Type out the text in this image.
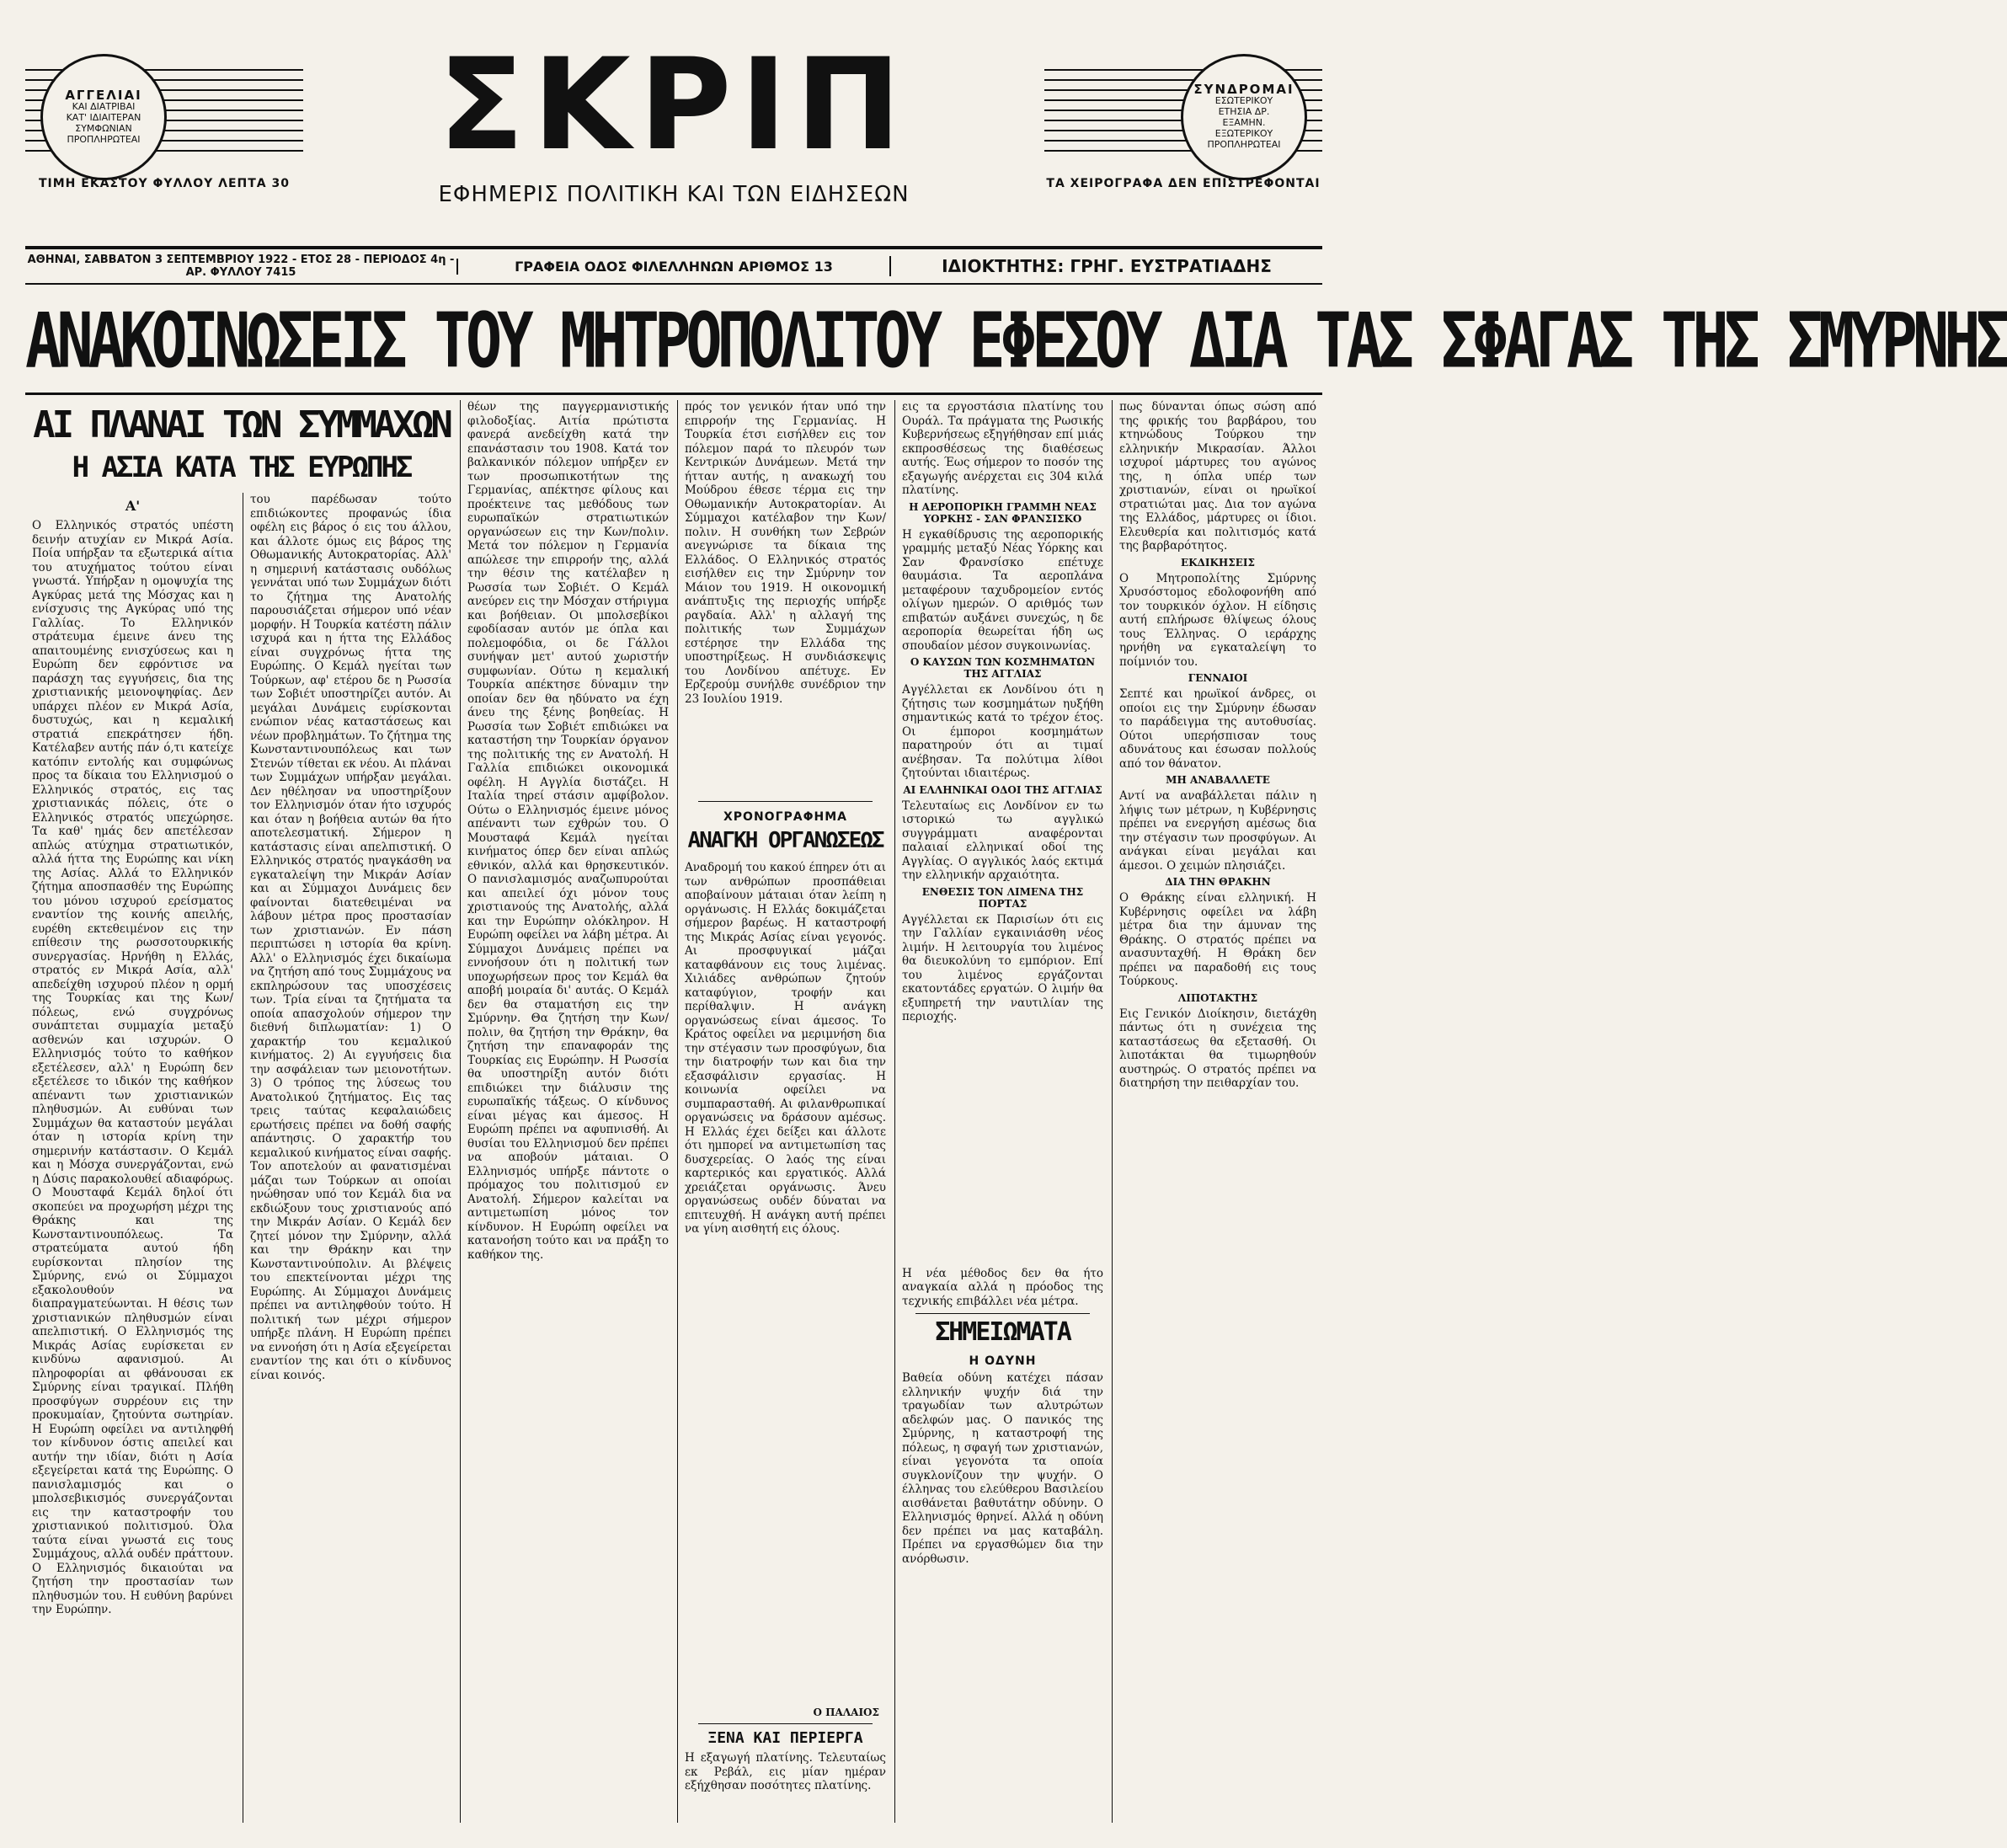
ΑΓΓΕΛΙΑΙ
ΚΑΙ ΔΙΑΤΡΙΒΑΙ
ΚΑΤ' ΙΔΙΑΙΤΕΡΑΝ
ΣΥΜΦΩΝΙΑΝ
ΠΡΟΠΛΗΡΩΤΕΑΙ
ΤΙΜΗ ΕΚΑΣΤΟΥ ΦΥΛΛΟΥ ΛΕΠΤΑ 30
ΣΚΡΙΠ
ΕΦΗΜΕΡΙΣ ΠΟΛΙΤΙΚΗ ΚΑΙ ΤΩΝ ΕΙΔΗΣΕΩΝ
ΣΥΝΔΡΟΜΑΙ
ΕΣΩΤΕΡΙΚΟΥ
ΕΤΗΣΙΑ ΔΡ.
ΕΞΑΜΗΝ.
ΕΞΩΤΕΡΙΚΟΥ
ΠΡΟΠΛΗΡΩΤΕΑΙ
ΤΑ ΧΕΙΡΟΓΡΑΦΑ ΔΕΝ ΕΠΙΣΤΡΕΦΟΝΤΑΙ
ΑΘΗΝΑΙ, ΣΑΒΒΑΤΟΝ 3 ΣΕΠΤΕΜΒΡΙΟΥ 1922 - ΕΤΟΣ 28 - ΠΕΡΙΟΔΟΣ 4η - ΑΡ. ΦΥΛΛΟΥ 7415	ΓΡΑΦΕΙΑ ΟΔΟΣ ΦΙΛΕΛΛΗΝΩΝ ΑΡΙΘΜΟΣ 13	ΙΔΙΟΚΤΗΤΗΣ: ΓΡΗΓ. ΕΥΣΤΡΑΤΙΑΔΗΣ
ΑΝΑΚΟΙΝΩΣΕΙΣ ΤΟΥ ΜΗΤΡΟΠΟΛΙΤΟΥ ΕΦΕΣΟΥ ΔΙΑ ΤΑΣ ΣΦΑΓΑΣ ΤΗΣ ΣΜΥΡΝΗΣ
ΑΙ ΠΛΑΝΑΙ ΤΩΝ ΣΥΜΜΑΧΩΝ
Η ΑΣΙΑ ΚΑΤΑ ΤΗΣ ΕΥΡΩΠΗΣ
Α'

Ο Ελληνικός στρατός υπέστη δεινήν ατυχίαν εν Μικρά Ασία. Ποία υπήρξαν τα εξωτερικά αίτια του ατυχήματος τούτου είναι γνωστά. Υπήρξαν η ομοψυχία της Αγκύρας μετά της Μόσχας και η ενίσχυσις της Αγκύρας υπό της Γαλλίας. Το Ελληνικόν στράτευμα έμεινε άνευ της απαιτουμένης ενισχύσεως και η Ευρώπη δεν εφρόντισε να παράσχη τας εγγυήσεις, δια της χριστιανικής μειονοψηφίας. Δεν υπάρχει πλέον εν Μικρά Ασία, δυστυχώς, και η κεμαλική στρατιά επεκράτησεν ήδη. Κατέλαβεν αυτής πάν ό,τι κατείχε κατόπιν εντολής και συμφώνως προς τα δίκαια του Ελληνισμού ο Ελληνικός στρατός, εις τας χριστιανικάς πόλεις, ότε ο Ελληνικός στρατός υπεχώρησε. Τα καθ' ημάς δεν απετέλεσαν απλώς ατύχημα στρατιωτικόν, αλλά ήττα της Ευρώπης και νίκη της Ασίας. Αλλά το Ελληνικόν ζήτημα αποσπασθέν της Ευρώπης του μόνου ισχυρού ερείσματος εναντίον της κοινής απειλής, ευρέθη εκτεθειμένον εις την επίθεσιν της ρωσσοτουρκικής συνεργασίας. Ηρνήθη η Ελλάς, στρατός εν Μικρά Ασία, αλλ' απεδείχθη ισχυρού πλέον η ορμή της Τουρκίας και της Κων/πόλεως, ενώ συγχρόνως συνάπτεται συμμαχία μεταξύ ασθενών και ισχυρών. Ο Ελληνισμός τούτο το καθήκον εξετέλεσεν, αλλ' η Ευρώπη δεν εξετέλεσε το ιδικόν της καθήκον απέναντι των χριστιανικών πληθυσμών. Αι ευθύναι των Συμμάχων θα καταστούν μεγάλαι όταν η ιστορία κρίνη την σημερινήν κατάστασιν. Ο Κεμάλ και η Μόσχα συνεργάζονται, ενώ η Δύσις παρακολουθεί αδιαφόρως. Ο Μουσταφά Κεμάλ δηλοί ότι σκοπεύει να προχωρήση μέχρι της Θράκης και της Κωνσταντινουπόλεως. Τα στρατεύματα αυτού ήδη ευρίσκονται πλησίον της Σμύρνης, ενώ οι Σύμμαχοι εξακολουθούν να διαπραγματεύωνται. Η θέσις των χριστιανικών πληθυσμών είναι απελπιστική. Ο Ελληνισμός της Μικράς Ασίας ευρίσκεται εν κινδύνω αφανισμού. Αι πληροφορίαι αι φθάνουσαι εκ Σμύρνης είναι τραγικαί. Πλήθη προσφύγων συρρέουν εις την προκυμαίαν, ζητούντα σωτηρίαν. Η Ευρώπη οφείλει να αντιληφθή τον κίνδυνον όστις απειλεί και αυτήν την ιδίαν, διότι η Ασία εξεγείρεται κατά της Ευρώπης. Ο πανισλαμισμός και ο μπολσεβικισμός συνεργάζονται εις την καταστροφήν του χριστιανικού πολιτισμού. Όλα ταύτα είναι γνωστά εις τους Συμμάχους, αλλά ουδέν πράττουν. Ο Ελληνισμός δικαιούται να ζητήση την προστασίαν των πληθυσμών του. Η ευθύνη βαρύνει την Ευρώπην.

του παρέδωσαν τούτο επιδιώκοντες προφανώς ίδια οφέλη εις βάρος ό εις του άλλου, και άλλοτε όμως εις βάρος της Οθωμανικής Αυτοκρατορίας. Αλλ' η σημερινή κατάστασις ουδόλως γεννάται υπό των Συμμάχων διότι το ζήτημα της Ανατολής παρουσιάζεται σήμερον υπό νέαν μορφήν. Η Τουρκία κατέστη πάλιν ισχυρά και η ήττα της Ελλάδος είναι συγχρόνως ήττα της Ευρώπης. Ο Κεμάλ ηγείται των Τούρκων, αφ' ετέρου δε η Ρωσσία των Σοβιέτ υποστηρίζει αυτόν. Αι μεγάλαι Δυνάμεις ευρίσκονται ενώπιον νέας καταστάσεως και νέων προβλημάτων. Το ζήτημα της Κωνσταντινουπόλεως και των Στενών τίθεται εκ νέου. Αι πλάναι των Συμμάχων υπήρξαν μεγάλαι. Δεν ηθέλησαν να υποστηρίξουν τον Ελληνισμόν όταν ήτο ισχυρός και όταν η βοήθεια αυτών θα ήτο αποτελεσματική. Σήμερον η κατάστασις είναι απελπιστική. Ο Ελληνικός στρατός ηναγκάσθη να εγκαταλείψη την Μικράν Ασίαν και αι Σύμμαχοι Δυνάμεις δεν φαίνονται διατεθειμέναι να λάβουν μέτρα προς προστασίαν των χριστιανών. Εν πάση περιπτώσει η ιστορία θα κρίνη. Αλλ' ο Ελληνισμός έχει δικαίωμα να ζητήση από τους Συμμάχους να εκπληρώσουν τας υποσχέσεις των. Τρία είναι τα ζητήματα τα οποία απασχολούν σήμερον την διεθνή διπλωματίαν: 1) Ο χαρακτήρ του κεμαλικού κινήματος. 2) Αι εγγυήσεις δια την ασφάλειαν των μειονοτήτων. 3) Ο τρόπος της λύσεως του Ανατολικού ζητήματος. Εις τας τρεις ταύτας κεφαλαιώδεις ερωτήσεις πρέπει να δοθή σαφής απάντησις. Ο χαρακτήρ του κεμαλικού κινήματος είναι σαφής. Τον αποτελούν αι φανατισμέναι μάζαι των Τούρκων αι οποίαι ηνώθησαν υπό τον Κεμάλ δια να εκδιώξουν τους χριστιανούς από την Μικράν Ασίαν. Ο Κεμάλ δεν ζητεί μόνον την Σμύρνην, αλλά και την Θράκην και την Κωνσταντινούπολιν. Αι βλέψεις του επεκτείνονται μέχρι της Ευρώπης. Αι Σύμμαχοι Δυνάμεις πρέπει να αντιληφθούν τούτο. Η πολιτική των μέχρι σήμερον υπήρξε πλάνη. Η Ευρώπη πρέπει να εννοήση ότι η Ασία εξεγείρεται εναντίον της και ότι ο κίνδυνος είναι κοινός.

θέων της παγγερμανιστικής φιλοδοξίας. Αιτία πρώτιστα φανερά ανεδείχθη κατά την επανάστασιν του 1908. Κατά τον βαλκανικόν πόλεμον υπήρξεν εν των προσωπικοτήτων της Γερμανίας, απέκτησε φίλους και προέκτεινε τας μεθόδους των ευρωπαϊκών στρατιωτικών οργανώσεων εις την Κων/πολιν. Μετά τον πόλεμον η Γερμανία απώλεσε την επιρροήν της, αλλά την θέσιν της κατέλαβεν η Ρωσσία των Σοβιέτ. Ο Κεμάλ ανεύρεν εις την Μόσχαν στήριγμα και βοήθειαν. Οι μπολσεβίκοι εφοδίασαν αυτόν με όπλα και πολεμοφόδια, οι δε Γάλλοι συνήψαν μετ' αυτού χωριστήν συμφωνίαν. Ούτω η κεμαλική Τουρκία απέκτησε δύναμιν την οποίαν δεν θα ηδύνατο να έχη άνευ της ξένης βοηθείας. Η Ρωσσία των Σοβιέτ επιδιώκει να καταστήση την Τουρκίαν όργανον της πολιτικής της εν Ανατολή. Η Γαλλία επιδιώκει οικονομικά οφέλη. Η Αγγλία διστάζει. Η Ιταλία τηρεί στάσιν αμφίβολον. Ούτω ο Ελληνισμός έμεινε μόνος απέναντι των εχθρών του. Ο Μουσταφά Κεμάλ ηγείται κινήματος όπερ δεν είναι απλώς εθνικόν, αλλά και θρησκευτικόν. Ο πανισλαμισμός αναζωπυρούται και απειλεί όχι μόνον τους χριστιανούς της Ανατολής, αλλά και την Ευρώπην ολόκληρον. Η Ευρώπη οφείλει να λάβη μέτρα. Αι Σύμμαχοι Δυνάμεις πρέπει να εννοήσουν ότι η πολιτική των υποχωρήσεων προς τον Κεμάλ θα αποβή μοιραία δι' αυτάς. Ο Κεμάλ δεν θα σταματήση εις την Σμύρνην. Θα ζητήση την Κων/πολιν, θα ζητήση την Θράκην, θα ζητήση την επαναφοράν της Τουρκίας εις Ευρώπην. Η Ρωσσία θα υποστηρίξη αυτόν διότι επιδιώκει την διάλυσιν της ευρωπαϊκής τάξεως. Ο κίνδυνος είναι μέγας και άμεσος. Η Ευρώπη πρέπει να αφυπνισθή. Αι θυσίαι του Ελληνισμού δεν πρέπει να αποβούν μάταιαι. Ο Ελληνισμός υπήρξε πάντοτε ο πρόμαχος του πολιτισμού εν Ανατολή. Σήμερον καλείται να αντιμετωπίση μόνος τον κίνδυνον. Η Ευρώπη οφείλει να κατανοήση τούτο και να πράξη το καθήκον της.

πρός τον γενικόν ήταν υπό την επιρροήν της Γερμανίας. Η Τουρκία έτσι εισήλθεν εις τον πόλεμον παρά το πλευρόν των Κεντρικών Δυνάμεων. Μετά την ήτταν αυτής, η ανακωχή του Μούδρου έθεσε τέρμα εις την Οθωμανικήν Αυτοκρατορίαν. Αι Σύμμαχοι κατέλαβον την Κων/πολιν. Η συνθήκη των Σεβρών ανεγνώρισε τα δίκαια της Ελλάδος. Ο Ελληνικός στρατός εισήλθεν εις την Σμύρνην τον Μάιον του 1919. Η οικονομική ανάπτυξις της περιοχής υπήρξε ραγδαία. Αλλ' η αλλαγή της πολιτικής των Συμμάχων εστέρησε την Ελλάδα της υποστηρίξεως. Η συνδιάσκεψις του Λονδίνου απέτυχε. Εν Ερζερούμ συνήλθε συνέδριον την 23 Ιουλίου 1919.

ΧΡΟΝΟΓΡΑΦΗΜΑ
ΑΝΑΓΚΗ ΟΡΓΑΝΩΣΕΩΣ

Αναδρομή του κακού έπηρεν ότι αι των ανθρώπων προσπάθειαι αποβαίνουν μάταιαι όταν λείπη η οργάνωσις. Η Ελλάς δοκιμάζεται σήμερον βαρέως. Η καταστροφή της Μικράς Ασίας είναι γεγονός. Αι προσφυγικαί μάζαι καταφθάνουν εις τους λιμένας. Χιλιάδες ανθρώπων ζητούν καταφύγιον, τροφήν και περίθαλψιν. Η ανάγκη οργανώσεως είναι άμεσος. Το Κράτος οφείλει να μεριμνήση δια την στέγασιν των προσφύγων, δια την διατροφήν των και δια την εξασφάλισιν εργασίας. Η κοινωνία οφείλει να συμπαρασταθή. Αι φιλανθρωπικαί οργανώσεις να δράσουν αμέσως. Η Ελλάς έχει δείξει και άλλοτε ότι ημπορεί να αντιμετωπίση τας δυσχερείας. Ο λαός της είναι καρτερικός και εργατικός. Αλλά χρειάζεται οργάνωσις. Άνευ οργανώσεως ουδέν δύναται να επιτευχθή. Η ανάγκη αυτή πρέπει να γίνη αισθητή εις όλους.

Ο ΠΑΛΑΙΟΣ
ΞΕΝΑ ΚΑΙ ΠΕΡΙΕΡΓΑ

Η εξαγωγή πλατίνης. Τελευταίως εκ Ρεβάλ, εις μίαν ημέραν εξήχθησαν ποσότητες πλατίνης.

εις τα εργοστάσια πλατίνης του Ουράλ. Τα πράγματα της Ρωσικής Κυβερνήσεως εξηγήθησαν επί μιάς εκπροσθέσεως της διαθέσεως αυτής. Έως σήμερον το ποσόν της εξαγωγής ανέρχεται εις 304 κιλά πλατίνης.

Η ΑΕΡΟΠΟΡΙΚΗ ΓΡΑΜΜΗ ΝΕΑΣ ΥΟΡΚΗΣ - ΣΑΝ ΦΡΑΝΣΙΣΚΟ

Η εγκαθίδρυσις της αεροπορικής γραμμής μεταξύ Νέας Υόρκης και Σαν Φρανσίσκο επέτυχε θαυμάσια. Τα αεροπλάνα μεταφέρουν ταχυδρομείον εντός ολίγων ημερών. Ο αριθμός των επιβατών αυξάνει συνεχώς, η δε αεροπορία θεωρείται ήδη ως σπουδαίον μέσον συγκοινωνίας.

Ο ΚΑΥΣΩΝ ΤΩΝ ΚΟΣΜΗΜΑΤΩΝ ΤΗΣ ΑΓΓΛΙΑΣ

Αγγέλλεται εκ Λονδίνου ότι η ζήτησις των κοσμημάτων ηυξήθη σημαντικώς κατά το τρέχον έτος. Οι έμποροι κοσμημάτων παρατηρούν ότι αι τιμαί ανέβησαν. Τα πολύτιμα λίθοι ζητούνται ιδιαιτέρως.

ΑΙ ΕΛΛΗΝΙΚΑΙ ΟΔΟΙ ΤΗΣ ΑΓΓΛΙΑΣ

Τελευταίως εις Λονδίνον εν τω ιστορικώ τω αγγλικώ συγγράμματι αναφέρονται παλαιαί ελληνικαί οδοί της Αγγλίας. Ο αγγλικός λαός εκτιμά την ελληνικήν αρχαιότητα.

ΕΝΘΕΣΙΣ ΤΟΝ ΛΙΜΕΝΑ ΤΗΣ ΠΟΡΤΑΣ

Αγγέλλεται εκ Παρισίων ότι εις την Γαλλίαν εγκαινιάσθη νέος λιμήν. Η λειτουργία του λιμένος θα διευκολύνη το εμπόριον. Επί του λιμένος εργάζονται εκατοντάδες εργατών. Ο λιμήν θα εξυπηρετή την ναυτιλίαν της περιοχής.

Η νέα μέθοδος δεν θα ήτο αναγκαία αλλά η πρόοδος της τεχνικής επιβάλλει νέα μέτρα.

ΣΗΜΕΙΩΜΑΤΑ
Η ΟΔΥΝΗ

Βαθεία οδύνη κατέχει πάσαν ελληνικήν ψυχήν διά την τραγωδίαν των αλυτρώτων αδελφών μας. Ο πανικός της Σμύρνης, η καταστροφή της πόλεως, η σφαγή των χριστιανών, είναι γεγονότα τα οποία συγκλονίζουν την ψυχήν. Ο έλληνας του ελεύθερου Βασιλείου αισθάνεται βαθυτάτην οδύνην. Ο Ελληνισμός θρηνεί. Αλλά η οδύνη δεν πρέπει να μας καταβάλη. Πρέπει να εργασθώμεν δια την ανόρθωσιν.

πως δύνανται όπως σώση από της φρικής του βαρβάρου, του κτηνώδους Τούρκου την ελληνικήν Μικρασίαν. Άλλοι ισχυροί μάρτυρες του αγώνος της, η όπλα υπέρ των χριστιανών, είναι οι ηρωϊκοί στρατιώται μας. Δια τον αγώνα της Ελλάδος, μάρτυρες οι ίδιοι. Ελευθερία και πολιτισμός κατά της βαρβαρότητος.

ΕΚΔΙΚΗΣΕΙΣ

Ο Μητροπολίτης Σμύρνης Χρυσόστομος εδολοφονήθη από τον τουρκικόν όχλον. Η είδησις αυτή επλήρωσε θλίψεως όλους τους Έλληνας. Ο ιεράρχης ηρνήθη να εγκαταλείψη το ποίμνιόν του.

ΓΕΝΝΑΙΟΙ

Σεπτέ και ηρωϊκοί άνδρες, οι οποίοι εις την Σμύρνην έδωσαν το παράδειγμα της αυτοθυσίας. Ούτοι υπερήσπισαν τους αδυνάτους και έσωσαν πολλούς από τον θάνατον.

ΜΗ ΑΝΑΒΑΛΛΕΤΕ

Αντί να αναβάλλεται πάλιν η λήψις των μέτρων, η Κυβέρνησις πρέπει να ενεργήση αμέσως δια την στέγασιν των προσφύγων. Αι ανάγκαι είναι μεγάλαι και άμεσοι. Ο χειμών πλησιάζει.

ΔΙΑ ΤΗΝ ΘΡΑΚΗΝ

Ο Θράκης είναι ελληνική. Η Κυβέρνησις οφείλει να λάβη μέτρα δια την άμυναν της Θράκης. Ο στρατός πρέπει να ανασυνταχθή. Η Θράκη δεν πρέπει να παραδοθή εις τους Τούρκους.

ΛΙΠΟΤΑΚΤΗΣ

Εις Γενικόν Διοίκησιν, διετάχθη πάντως ότι η συνέχεια της καταστάσεως θα εξετασθή. Οι λιποτάκται θα τιμωρηθούν αυστηρώς. Ο στρατός πρέπει να διατηρήση την πειθαρχίαν του.
